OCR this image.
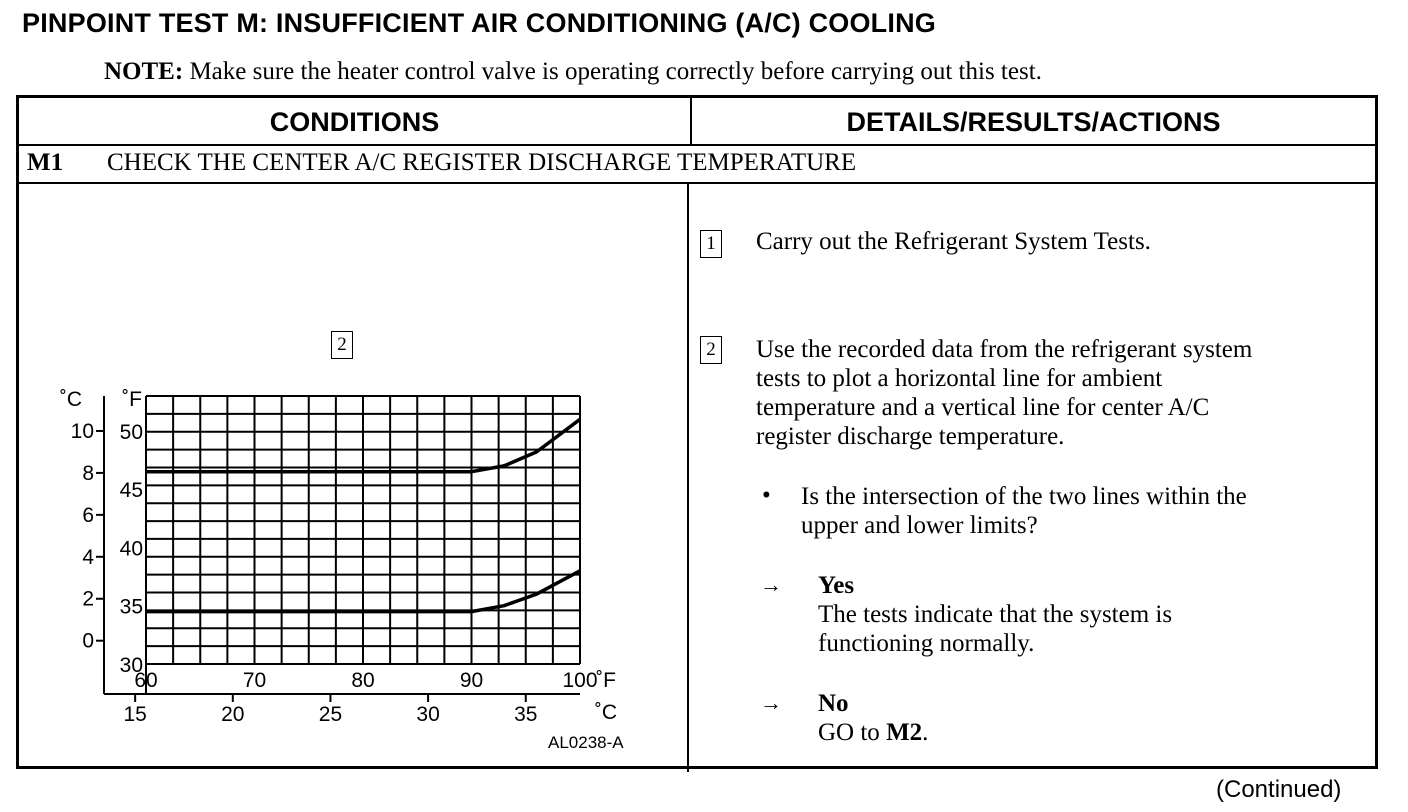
PINPOINT TEST M: INSUFFICIENT AIR CONDITIONING (A/C) COOLING
NOTE: Make sure the heater control valve is operating correctly before carrying out this test.
CONDITIONS	DETAILS/RESULTS/ACTIONS
M1 CHECK THE CENTER A/C REGISTER DISCHARGE TEMPERATURE
2
50
45
40
35
30
10
8
6
4
2
0
˚C ˚F
60	70	80	90	100
˚F
15	20	25	30	35	˚C
AL0238-A
1 Carry out the Refrigerant System Tests.
2 Use the recorded data from the refrigerant system
tests to plot a horizontal line for ambient
temperature and a vertical line for center A/C
register discharge temperature.
• Is the intersection of the two lines within the
upper and lower limits?
→ Yes
The tests indicate that the system is
functioning normally.
→ No
GO to M2.
(Continued)
